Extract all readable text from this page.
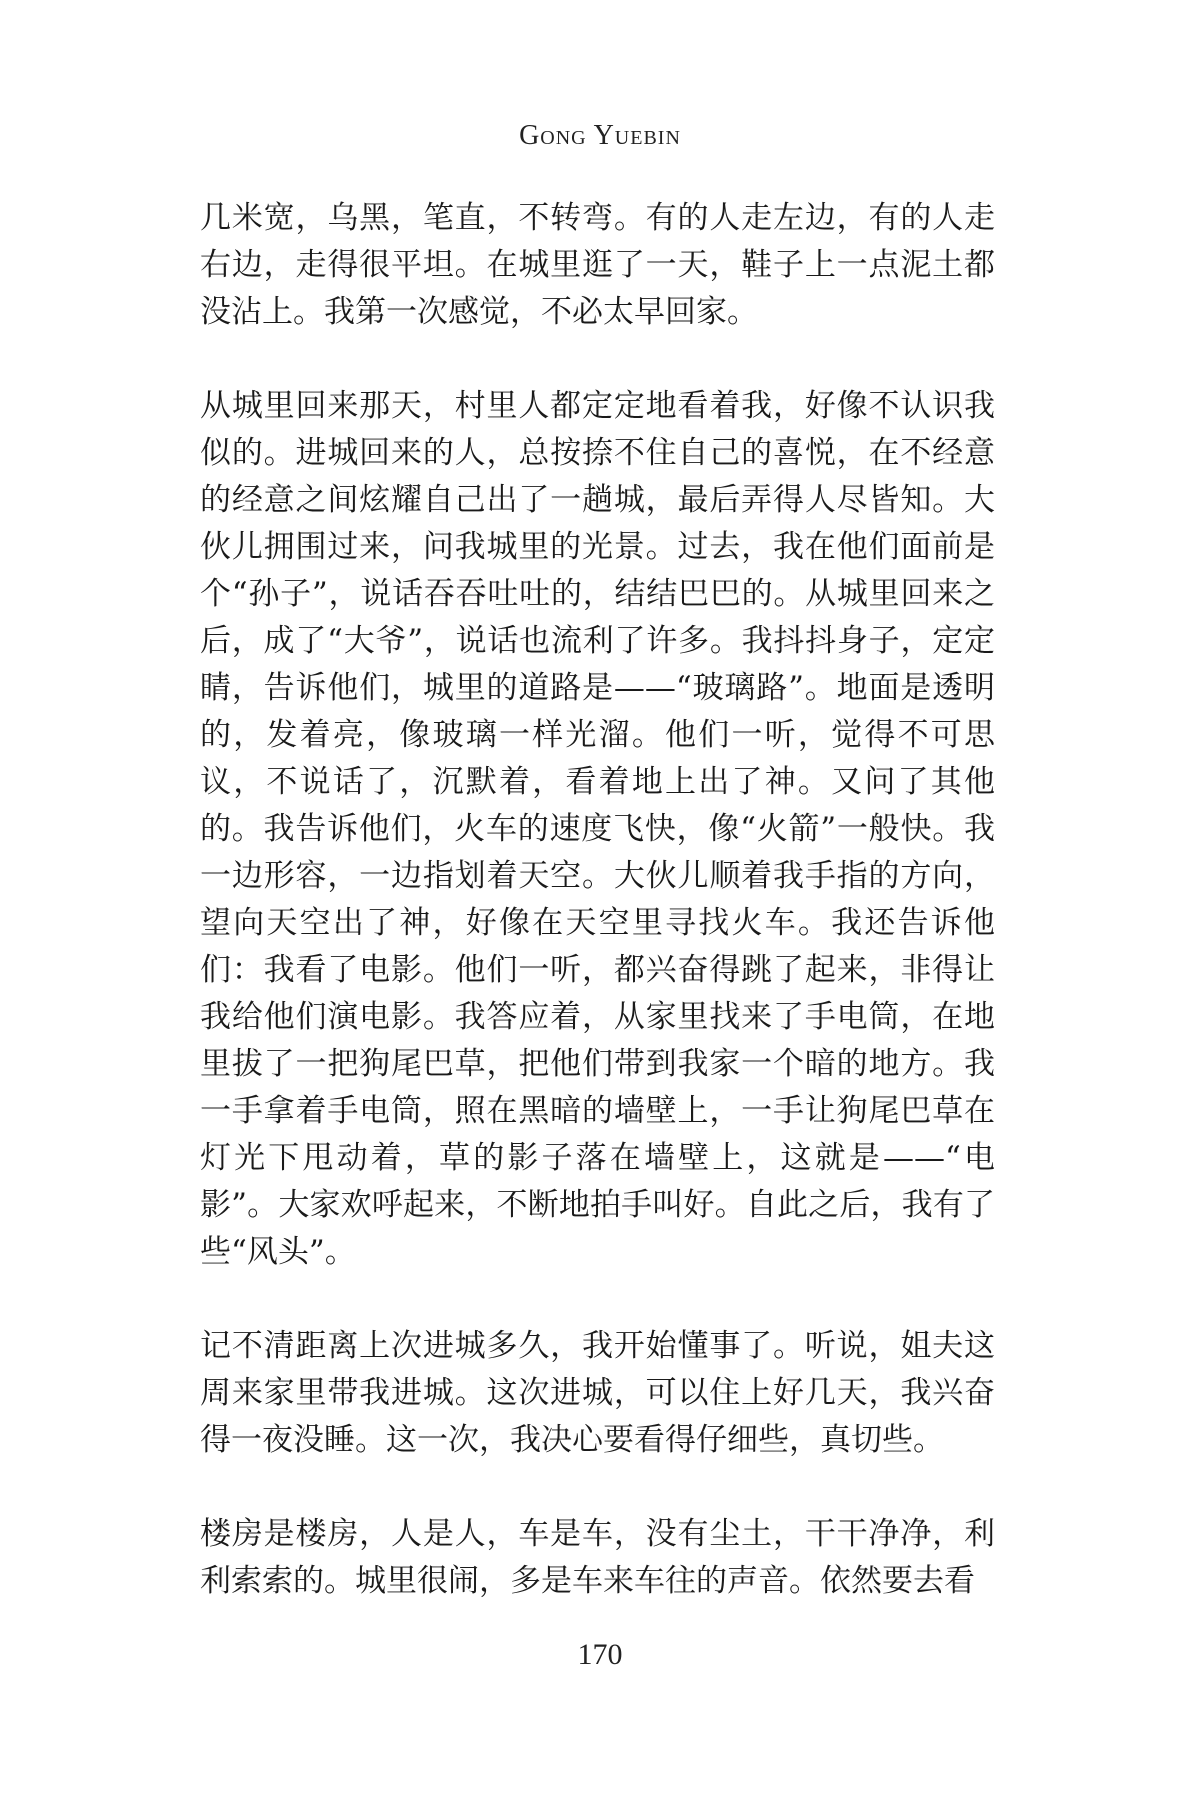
Gong Yuebin

几米宽，乌黑，笔直，不转弯。有的人走左边，有的人走右边，走得很平坦。在城里逛了一天，鞋子上一点泥土都没沾上。我第一次感觉，不必太早回家。

从城里回来那天，村里人都定定地看着我，好像不认识我似的。进城回来的人，总按捺不住自己的喜悦，在不经意的经意之间炫耀自己出了一趟城，最后弄得人尽皆知。大伙儿拥围过来，问我城里的光景。过去，我在他们面前是个“孙子”，说话吞吞吐吐的，结结巴巴的。从城里回来之后，成了“大爷”，说话也流利了许多。我抖抖身子，定定睛，告诉他们，城里的道路是——“玻璃路”。地面是透明的，发着亮，像玻璃一样光溜。他们一听，觉得不可思议，不说话了，沉默着，看着地上出了神。又问了其他的。我告诉他们，火车的速度飞快，像“火箭”一般快。我一边形容，一边指划着天空。大伙儿顺着我手指的方向，望向天空出了神，好像在天空里寻找火车。我还告诉他们：我看了电影。他们一听，都兴奋得跳了起来，非得让我给他们演电影。我答应着，从家里找来了手电筒，在地里拔了一把狗尾巴草，把他们带到我家一个暗的地方。我一手拿着手电筒，照在黑暗的墙壁上，一手让狗尾巴草在灯光下甩动着，草的影子落在墙壁上，这就是——“电影”。大家欢呼起来，不断地拍手叫好。自此之后，我有了些“风头”。

记不清距离上次进城多久，我开始懂事了。听说，姐夫这周来家里带我进城。这次进城，可以住上好几天，我兴奋得一夜没睡。这一次，我决心要看得仔细些，真切些。

楼房是楼房，人是人，车是车，没有尘土，干干净净，利利索索的。城里很闹，多是车来车往的声音。依然要去看

170
